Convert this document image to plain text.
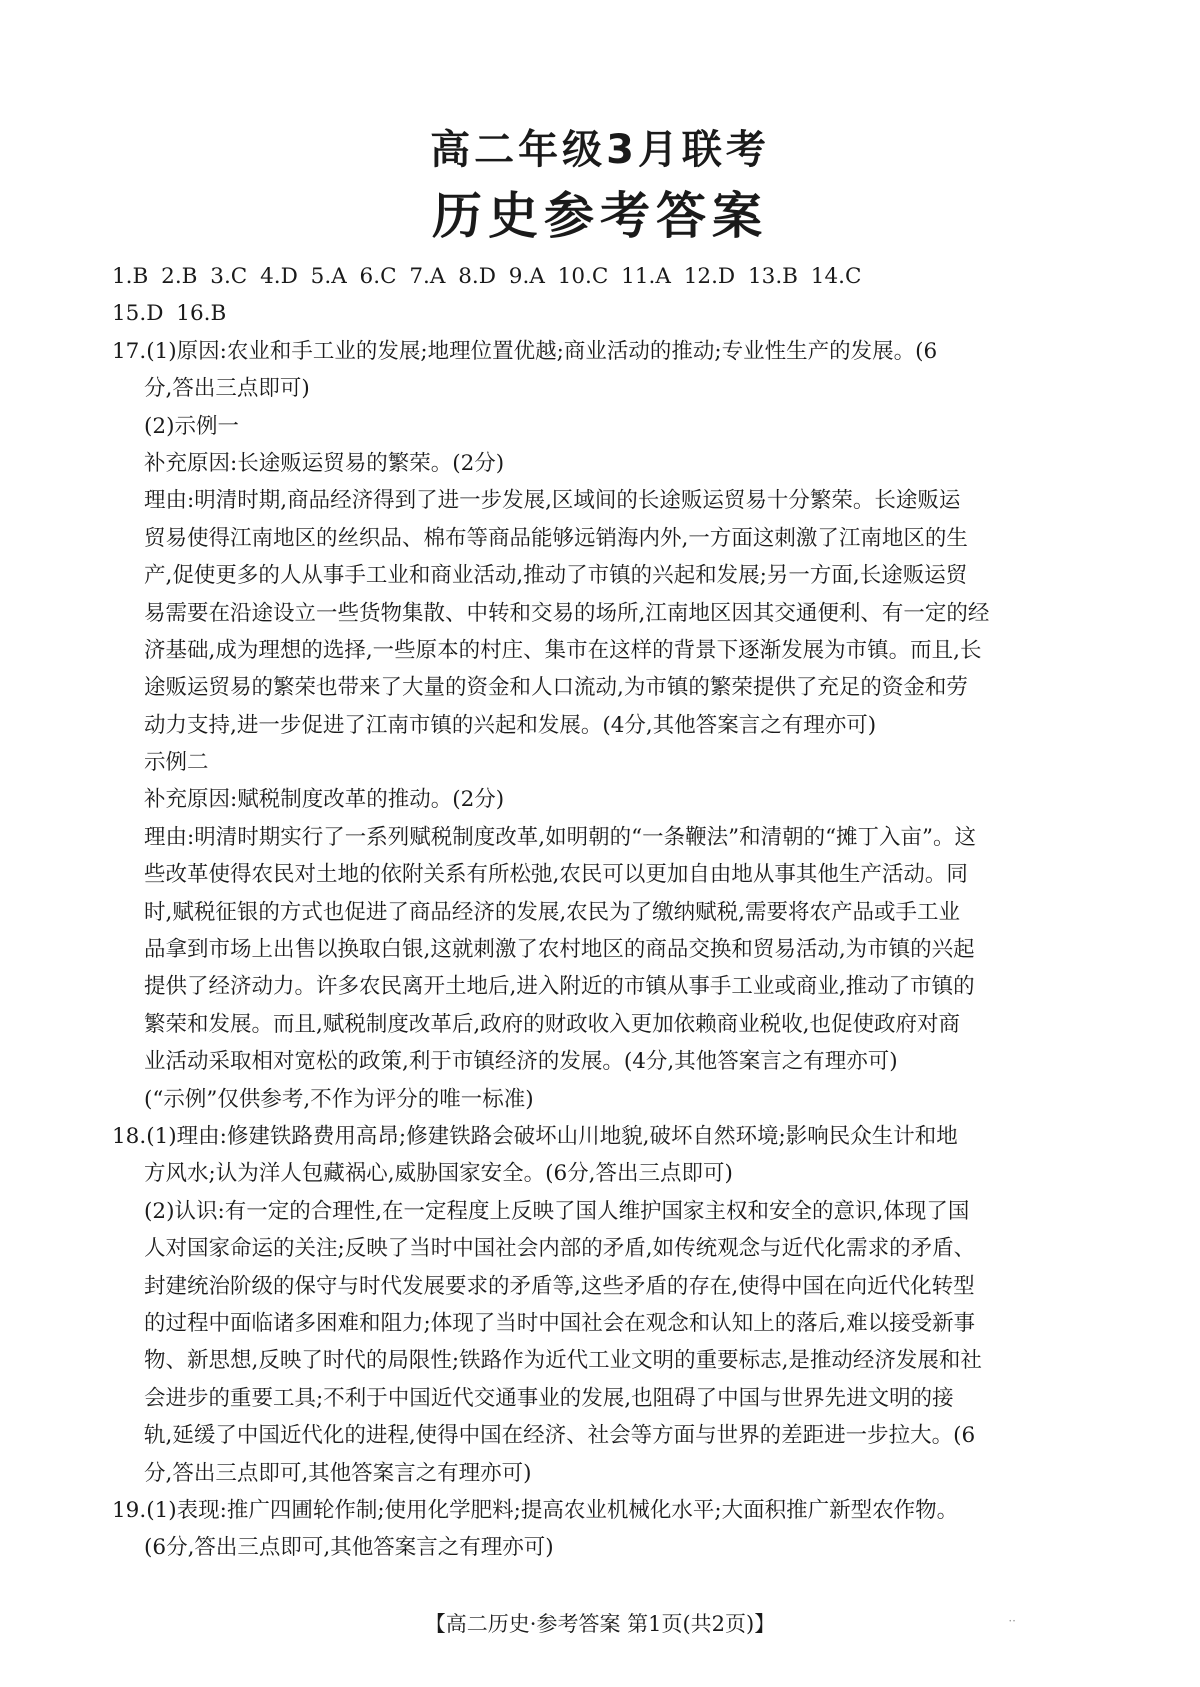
高二年级3月联考
历史参考答案
1.B 2.B 3.C 4.D 5.A 6.C 7.A 8.D 9.A 10.C 11.A 12.D 13.B 14.C
15.D 16.B
17.(1)原因:农业和手工业的发展;地理位置优越;商业活动的推动;专业性生产的发展。(6
分,答出三点即可)
(2)示例一
补充原因:长途贩运贸易的繁荣。(2分)
理由:明清时期,商品经济得到了进一步发展,区域间的长途贩运贸易十分繁荣。长途贩运
贸易使得江南地区的丝织品、棉布等商品能够远销海内外,一方面这刺激了江南地区的生
产,促使更多的人从事手工业和商业活动,推动了市镇的兴起和发展;另一方面,长途贩运贸
易需要在沿途设立一些货物集散、中转和交易的场所,江南地区因其交通便利、有一定的经
济基础,成为理想的选择,一些原本的村庄、集市在这样的背景下逐渐发展为市镇。而且,长
途贩运贸易的繁荣也带来了大量的资金和人口流动,为市镇的繁荣提供了充足的资金和劳
动力支持,进一步促进了江南市镇的兴起和发展。(4分,其他答案言之有理亦可)
示例二
补充原因:赋税制度改革的推动。(2分)
理由:明清时期实行了一系列赋税制度改革,如明朝的“一条鞭法”和清朝的“摊丁入亩”。这
些改革使得农民对土地的依附关系有所松弛,农民可以更加自由地从事其他生产活动。同
时,赋税征银的方式也促进了商品经济的发展,农民为了缴纳赋税,需要将农产品或手工业
品拿到市场上出售以换取白银,这就刺激了农村地区的商品交换和贸易活动,为市镇的兴起
提供了经济动力。许多农民离开土地后,进入附近的市镇从事手工业或商业,推动了市镇的
繁荣和发展。而且,赋税制度改革后,政府的财政收入更加依赖商业税收,也促使政府对商
业活动采取相对宽松的政策,利于市镇经济的发展。(4分,其他答案言之有理亦可)
(“示例”仅供参考,不作为评分的唯一标准)
18.(1)理由:修建铁路费用高昂;修建铁路会破坏山川地貌,破坏自然环境;影响民众生计和地
方风水;认为洋人包藏祸心,威胁国家安全。(6分,答出三点即可)
(2)认识:有一定的合理性,在一定程度上反映了国人维护国家主权和安全的意识,体现了国
人对国家命运的关注;反映了当时中国社会内部的矛盾,如传统观念与近代化需求的矛盾、
封建统治阶级的保守与时代发展要求的矛盾等,这些矛盾的存在,使得中国在向近代化转型
的过程中面临诸多困难和阻力;体现了当时中国社会在观念和认知上的落后,难以接受新事
物、新思想,反映了时代的局限性;铁路作为近代工业文明的重要标志,是推动经济发展和社
会进步的重要工具;不利于中国近代交通事业的发展,也阻碍了中国与世界先进文明的接
轨,延缓了中国近代化的进程,使得中国在经济、社会等方面与世界的差距进一步拉大。(6
分,答出三点即可,其他答案言之有理亦可)
19.(1)表现:推广四圃轮作制;使用化学肥料;提高农业机械化水平;大面积推广新型农作物。
(6分,答出三点即可,其他答案言之有理亦可)
【高二历史·参考答案 第1页(共2页)】	··
